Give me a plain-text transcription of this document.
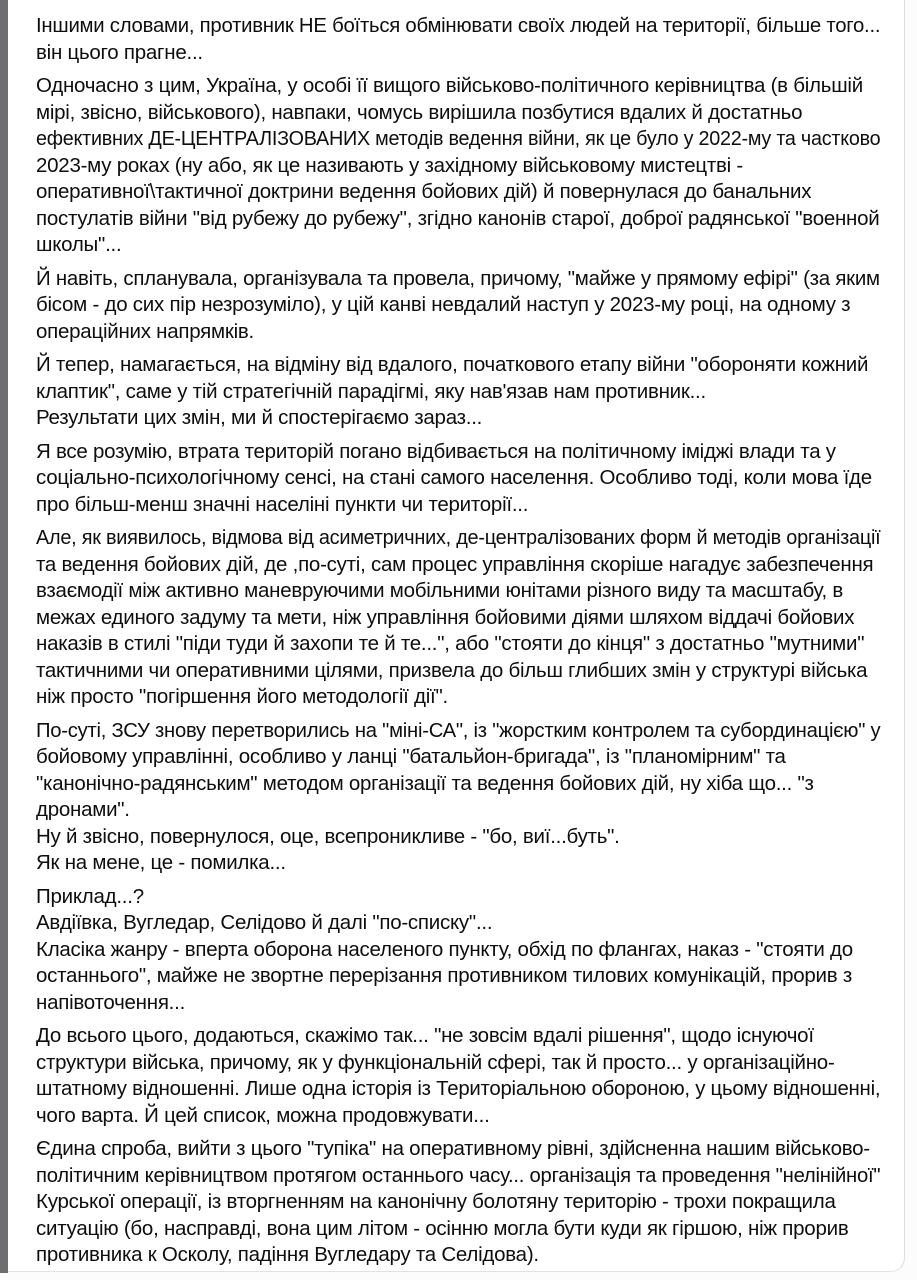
Іншими словами, противник НЕ боїться обмінювати своїх людей на території, більше того...
він цього прагне...
Одночасно з цим, Україна, у особі її вищого військово-політичного керівництва (в більшій
мірі, звісно, військового), навпаки, чомусь вирішила позбутися вдалих й достатньо
ефективних ДЕ-ЦЕНТРАЛІЗОВАНИХ методів ведення війни, як це було у 2022-му та частково
2023-му роках (ну або, як це називають у західному військовому мистецтві -
оперативної\тактичної доктрини ведення бойових дій) й повернулася до банальних
постулатів війни "від рубежу до рубежу", згідно канонів старої, доброї радянської "военной
школы"...
Й навіть, спланувала, організувала та провела, причому, "майже у прямому ефірі" (за яким
бісом - до сих пір незрозуміло), у цій канві невдалий наступ у 2023-му році, на одному з
операційних напрямків.
Й тепер, намагається, на відміну від вдалого, початкового етапу війни "обороняти кожний
клаптик", саме у тій стратегічній парадігмі, яку нав'язав нам противник...
Результати цих змін, ми й спостерігаємо зараз...
Я все розумію, втрата територій погано відбивається на політичному іміджі влади та у
соціально-психологічному сенсі, на стані самого населення. Особливо тоді, коли мова їде
про більш-менш значні населіні пункти чи території...
Але, як виявилось, відмова від асиметричних, де-централізованих форм й методів організації
та ведення бойових дій, де ,по-суті, сам процес управління скоріше нагадує забезпечення
взаємодії між активно маневруючими мобільними юнітами різного виду та масштабу, в
межах единого задуму та мети, ніж управління бойовими діями шляхом віддачі бойових
наказів в стилі "піди туди й захопи те й те...", або "стояти до кінця" з достатньо "мутними"
тактичними чи оперативними цілями, призвела до більш глибших змін у структурі війська
ніж просто "погіршення його методології дії".
По-суті, ЗСУ знову перетворились на "міні-СА", із "жорстким контролем та субординацією" у
бойовому управлінні, особливо у ланці "батальйон-бригада", із "планомірним" та
"канонічно-радянським" методом організації та ведення бойових дій, ну хіба що... "з
дронами".
Ну й звісно, повернулося, оце, всепроникливе - "бо, виї...буть".
Як на мене, це - помилка...
Приклад...?
Авдіївка, Вугледар, Селідово й далі "по-списку"...
Класіка жанру - вперта оборона населеного пункту, обхід по флангах, наказ - "стояти до
останнього", майже не звортне перерізання противником тилових комунікацій, прорив з
напівоточення...
До всього цього, додаються, скажімо так... "не зовсім вдалі рішення", щодо існуючої
структури війська, причому, як у функціональній сфері, так й просто... у організаційно-
штатному відношенні. Лише одна історія із Територіальною обороною, у цьому відношенні,
чого варта. Й цей список, можна продовжувати...
Єдина спроба, вийти з цього "тупіка" на оперативному рівні, здійсненна нашим військово-
політичним керівництвом протягом останнього часу... організація та проведення "нелінійної"
Курської операції, із вторгненням на канонічну болотяну територію - трохи покращила
ситуацію (бо, насправді, вона цим літом - осінню могла бути куди як гіршою, ніж прорив
противника к Осколу, падіння Вугледару та Селідова).
